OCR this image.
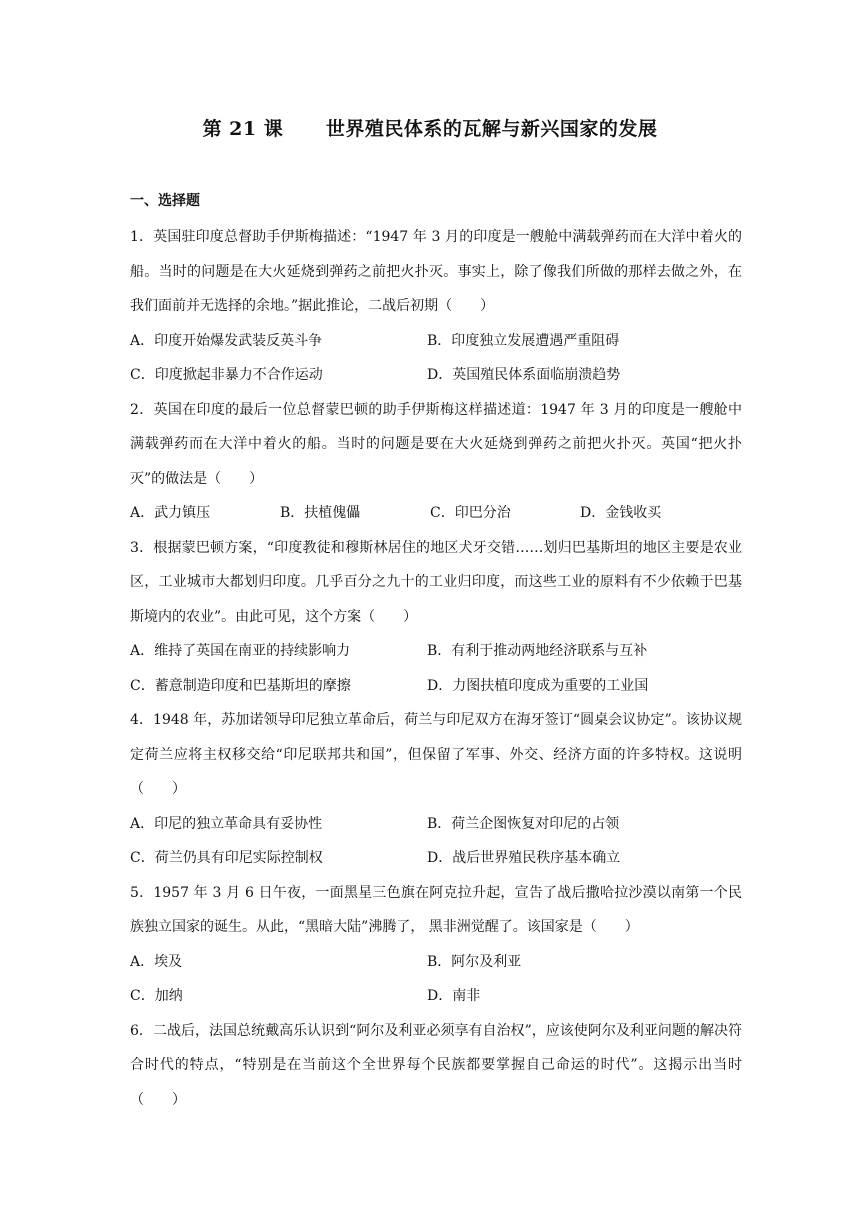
第 21 课      世界殖民体系的瓦解与新兴国家的发展
一、选择题
1．英国驻印度总督助手伊斯梅描述：“1947 年 3 月的印度是一艘舱中满载弹药而在大洋中着火的船。当时的问题是在大火延烧到弹药之前把火扑灭。事实上，除了像我们所做的那样去做之外，在我们面前并无选择的余地。”据此推论，二战后初期（　　）
A．印度开始爆发武装反英斗争	B．印度独立发展遭遇严重阻碍
C．印度掀起非暴力不合作运动	D．英国殖民体系面临崩溃趋势
2．英国在印度的最后一位总督蒙巴顿的助手伊斯梅这样描述道：1947 年 3 月的印度是一艘舱中满载弹药而在大洋中着火的船。当时的问题是要在大火延烧到弹药之前把火扑灭。英国“把火扑灭”的做法是（　　）
A．武力镇压	B．扶植傀儡	C．印巴分治	D．金钱收买
3．根据蒙巴顿方案，“印度教徒和穆斯林居住的地区犬牙交错……划归巴基斯坦的地区主要是农业区，工业城市大都划归印度。几乎百分之九十的工业归印度，而这些工业的原料有不少依赖于巴基斯境内的农业”。由此可见，这个方案（　　）
A．维持了英国在南亚的持续影响力	B．有利于推动两地经济联系与互补
C．蓄意制造印度和巴基斯坦的摩擦	D．力图扶植印度成为重要的工业国
4．1948 年，苏加诺领导印尼独立革命后，荷兰与印尼双方在海牙签订“圆桌会议协定”。该协议规定荷兰应将主权移交给“印尼联邦共和国”，但保留了军事、外交、经济方面的许多特权。这说明（　　）
A．印尼的独立革命具有妥协性	B．荷兰企图恢复对印尼的占领
C．荷兰仍具有印尼实际控制权	D．战后世界殖民秩序基本确立
5．1957 年 3 月 6 日午夜，一面黑星三色旗在阿克拉升起，宣告了战后撒哈拉沙漠以南第一个民族独立国家的诞生。从此，“黑暗大陆”沸腾了， 黑非洲觉醒了。该国家是（　　）
A．埃及	B．阿尔及利亚
C．加纳	D．南非
6．二战后，法国总统戴高乐认识到“阿尔及利亚必须享有自治权”，应该使阿尔及利亚问题的解决符合时代的特点，“特别是在当前这个全世界每个民族都要掌握自己命运的时代”。这揭示出当时（　　）
